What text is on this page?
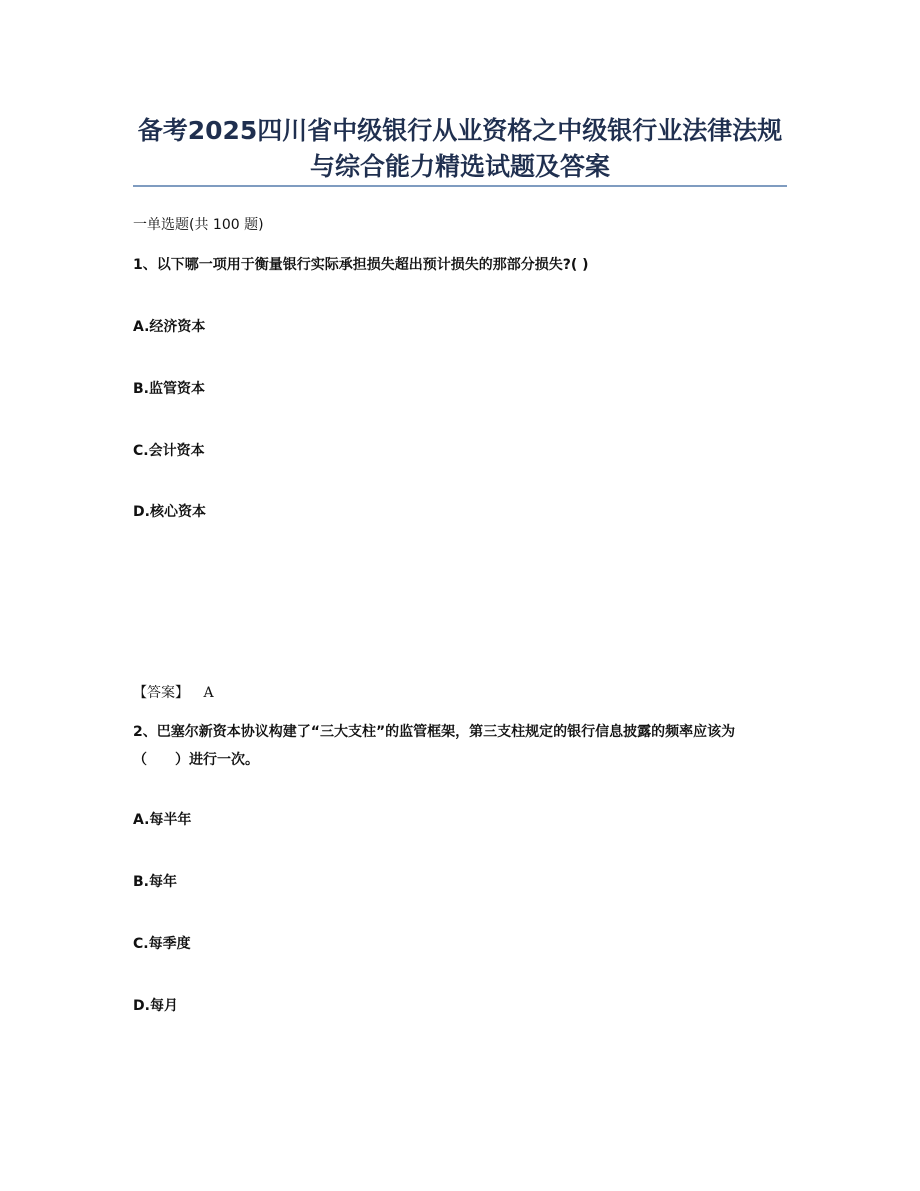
备考2025四川省中级银行从业资格之中级银行业法律法规
与综合能力精选试题及答案
一单选题(共 100 题)
1、以下哪一项用于衡量银行实际承担损失超出预计损失的那部分损失?( )
A.经济资本
B.监管资本
C.会计资本
D.核心资本
【答案】 A
2、巴塞尔新资本协议构建了“三大支柱”的监管框架，第三支柱规定的银行信息披露的频率应该为（　　）进行一次。
A.每半年
B.每年
C.每季度
D.每月
